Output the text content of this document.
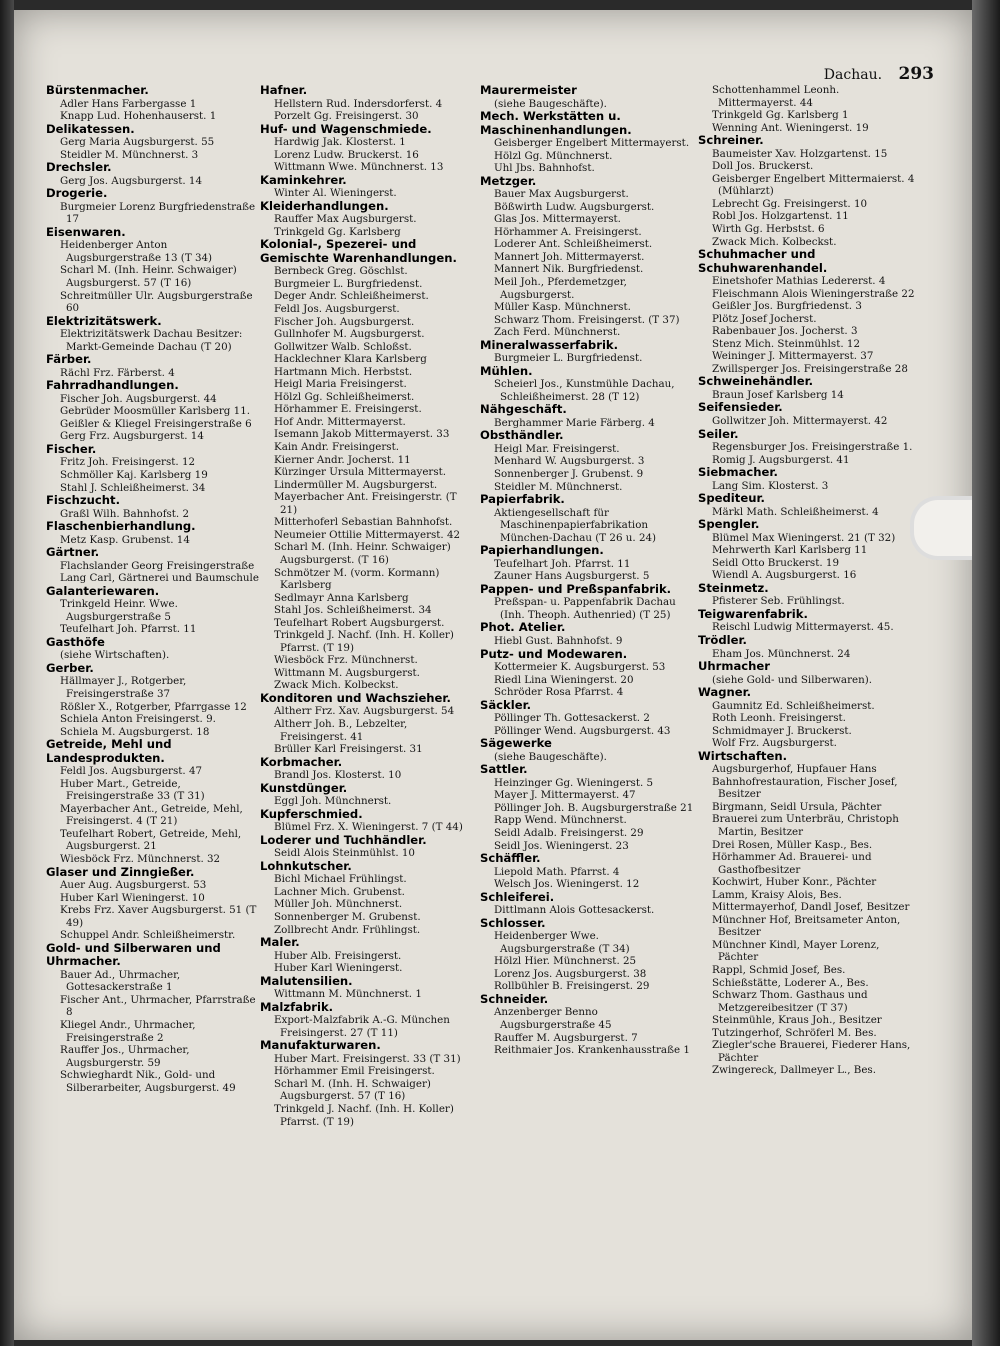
Dachau. 293
Bürstenmacher.
Adler Hans Farbergasse 1
Knapp Lud. Hohenhauserst. 1
Delikatessen.
Gerg Maria Augsburgerst. 55
Steidler M. Münchnerst. 3
Drechsler.
Gerg Jos. Augsburgerst. 14
Drogerie.
Burgmeier Lorenz Burgfriedenstraße 17
Eisenwaren.
Heidenberger Anton Augsburgerstraße 13 (T 34)
Scharl M. (Inh. Heinr. Schwaiger) Augsburgerst. 57 (T 16)
Schreitmüller Ulr. Augsburgerstraße 60
Elektrizitätswerk.
Elektrizitätswerk Dachau Besitzer: Markt-Gemeinde Dachau (T 20)
Färber.
Rächl Frz. Färberst. 4
Fahrradhandlungen.
Fischer Joh. Augsburgerst. 44
Gebrüder Moosmüller Karlsberg 11.
Geißler & Kliegel Freisingerstraße 6
Gerg Frz. Augsburgerst. 14
Fischer.
Fritz Joh. Freisingerst. 12
Schmöller Kaj. Karlsberg 19
Stahl J. Schleißheimerst. 34
Fischzucht.
Graßl Wilh. Bahnhofst. 2
Flaschenbierhandlung.
Metz Kasp. Grubenst. 14
Gärtner.
Flachslander Georg Freisingerstraße
Lang Carl, Gärtnerei und Baumschule
Galanteriewaren.
Trinkgeld Heinr. Wwe. Augsburgerstraße 5
Teufelhart Joh. Pfarrst. 11
Gasthöfe
(siehe Wirtschaften).
Gerber.
Hällmayer J., Rotgerber, Freisingerstraße 37
Rößler X., Rotgerber, Pfarrgasse 12
Schiela Anton Freisingerst. 9.
Schiela M. Augsburgerst. 18
Getreide, Mehl und Landesprodukten.
Feldl Jos. Augsburgerst. 47
Huber Mart., Getreide, Freisingerstraße 33 (T 31)
Mayerbacher Ant., Getreide, Mehl, Freisingerst. 4 (T 21)
Teufelhart Robert, Getreide, Mehl, Augsburgerst. 21
Wiesböck Frz. Münchnerst. 32
Glaser und Zinngießer.
Auer Aug. Augsburgerst. 53
Huber Karl Wieningerst. 10
Krebs Frz. Xaver Augsburgerst. 51 (T 49)
Schuppel Andr. Schleißheimerstr.
Gold- und Silberwaren und Uhrmacher.
Bauer Ad., Uhrmacher, Gottesackerstraße 1
Fischer Ant., Uhrmacher, Pfarrstraße 8
Kliegel Andr., Uhrmacher, Freisingerstraße 2
Rauffer Jos., Uhrmacher, Augsburgerstr. 59
Schwieghardt Nik., Gold- und Silberarbeiter, Augsburgerst. 49
Hafner.
Hellstern Rud. Indersdorferst. 4
Porzelt Gg. Freisingerst. 30
Huf- und Wagenschmiede.
Hardwig Jak. Klosterst. 1
Lorenz Ludw. Bruckerst. 16
Wittmann Wwe. Münchnerst. 13
Kaminkehrer.
Winter Al. Wieningerst.
Kleiderhandlungen.
Rauffer Max Augsburgerst.
Trinkgeld Gg. Karlsberg
Kolonial-, Spezerei- und Gemischte Warenhandlungen.
Bernbeck Greg. Göschlst.
Burgmeier L. Burgfriedenst.
Deger Andr. Schleißheimerst.
Feldl Jos. Augsburgerst.
Fischer Joh. Augsburgerst.
Gullnhofer M. Augsburgerst.
Gollwitzer Walb. Schloßst.
Hacklechner Klara Karlsberg
Hartmann Mich. Herbstst.
Heigl Maria Freisingerst.
Hölzl Gg. Schleißheimerst.
Hörhammer E. Freisingerst.
Hof Andr. Mittermayerst.
Isemann Jakob Mittermayerst. 33
Kain Andr. Freisingerst.
Kierner Andr. Jocherst. 11
Kürzinger Ursula Mittermayerst.
Lindermüller M. Augsburgerst.
Mayerbacher Ant. Freisingerstr. (T 21)
Mitterhoferl Sebastian Bahnhofst.
Neumeier Ottilie Mittermayerst. 42
Scharl M. (Inh. Heinr. Schwaiger) Augsburgerst. (T 16)
Schmötzer M. (vorm. Kormann) Karlsberg
Sedlmayr Anna Karlsberg
Stahl Jos. Schleißheimerst. 34
Teufelhart Robert Augsburgerst.
Trinkgeld J. Nachf. (Inh. H. Koller) Pfarrst. (T 19)
Wiesböck Frz. Münchnerst.
Wittmann M. Augsburgerst.
Zwack Mich. Kolbeckst.
Konditoren und Wachszieher.
Altherr Frz. Xav. Augsburgerst. 54
Altherr Joh. B., Lebzelter, Freisingerst. 41
Brüller Karl Freisingerst. 31
Korbmacher.
Brandl Jos. Klosterst. 10
Kunstdünger.
Eggl Joh. Münchnerst.
Kupferschmied.
Blümel Frz. X. Wieningerst. 7 (T 44)
Loderer und Tuchhändler.
Seidl Alois Steinmühlst. 10
Lohnkutscher.
Bichl Michael Frühlingst.
Lachner Mich. Grubenst.
Müller Joh. Münchnerst.
Sonnenberger M. Grubenst.
Zollbrecht Andr. Frühlingst.
Maler.
Huber Alb. Freisingerst.
Huber Karl Wieningerst.
Malutensilien.
Wittmann M. Münchnerst. 1
Malzfabrik.
Export-Malzfabrik A.-G. München Freisingerst. 27 (T 11)
Manufakturwaren.
Huber Mart. Freisingerst. 33 (T 31)
Hörhammer Emil Freisingerst.
Scharl M. (Inh. H. Schwaiger) Augsburgerst. 57 (T 16)
Trinkgeld J. Nachf. (Inh. H. Koller) Pfarrst. (T 19)
Maurermeister
(siehe Baugeschäfte).
Mech. Werkstätten u. Maschinenhandlungen.
Geisberger Engelbert Mittermayerst.
Hölzl Gg. Münchnerst.
Uhl Jbs. Bahnhofst.
Metzger.
Bauer Max Augsburgerst.
Bößwirth Ludw. Augsburgerst.
Glas Jos. Mittermayerst.
Hörhammer A. Freisingerst.
Loderer Ant. Schleißheimerst.
Mannert Joh. Mittermayerst.
Mannert Nik. Burgfriedenst.
Meil Joh., Pferdemetzger, Augsburgerst.
Müller Kasp. Münchnerst.
Schwarz Thom. Freisingerst. (T 37)
Zach Ferd. Münchnerst.
Mineralwasserfabrik.
Burgmeier L. Burgfriedenst.
Mühlen.
Scheierl Jos., Kunstmühle Dachau, Schleißheimerst. 28 (T 12)
Nähgeschäft.
Berghammer Marie Färberg. 4
Obsthändler.
Heigl Mar. Freisingerst.
Menhard W. Augsburgerst. 3
Sonnenberger J. Grubenst. 9
Steidler M. Münchnerst.
Papierfabrik.
Aktiengesellschaft für Maschinenpapierfabrikation München-Dachau (T 26 u. 24)
Papierhandlungen.
Teufelhart Joh. Pfarrst. 11
Zauner Hans Augsburgerst. 5
Pappen- und Preßspanfabrik.
Preßspan- u. Pappenfabrik Dachau (Inh. Theoph. Authenried) (T 25)
Phot. Atelier.
Hiebl Gust. Bahnhofst. 9
Putz- und Modewaren.
Kottermeier K. Augsburgerst. 53
Riedl Lina Wieningerst. 20
Schröder Rosa Pfarrst. 4
Säckler.
Pöllinger Th. Gottesackerst. 2
Pöllinger Wend. Augsburgerst. 43
Sägewerke
(siehe Baugeschäfte).
Sattler.
Heinzinger Gg. Wieningerst. 5
Mayer J. Mittermayerst. 47
Pöllinger Joh. B. Augsburgerstraße 21
Rapp Wend. Münchnerst.
Seidl Adalb. Freisingerst. 29
Seidl Jos. Wieningerst. 23
Schäffler.
Liepold Math. Pfarrst. 4
Welsch Jos. Wieningerst. 12
Schleiferei.
Dittlmann Alois Gottesackerst.
Schlosser.
Heidenberger Wwe. Augsburgerstraße (T 34)
Hölzl Hier. Münchnerst. 25
Lorenz Jos. Augsburgerst. 38
Rollbühler B. Freisingerst. 29
Schneider.
Anzenberger Benno Augsburgerstraße 45
Rauffer M. Augsburgerst. 7
Reithmaier Jos. Krankenhausstraße 1
Schottenhammel Leonh. Mittermayerst. 44
Trinkgeld Gg. Karlsberg 1
Wenning Ant. Wieningerst. 19
Schreiner.
Baumeister Xav. Holzgartenst. 15
Doll Jos. Bruckerst.
Geisberger Engelbert Mittermaierst. 4 (Mühlarzt)
Lebrecht Gg. Freisingerst. 10
Robl Jos. Holzgartenst. 11
Wirth Gg. Herbstst. 6
Zwack Mich. Kolbeckst.
Schuhmacher und Schuhwarenhandel.
Einetshofer Mathias Ledererst. 4
Fleischmann Alois Wieningerstraße 22
Geißler Jos. Burgfriedenst. 3
Plötz Josef Jocherst.
Rabenbauer Jos. Jocherst. 3
Stenz Mich. Steinmühlst. 12
Weininger J. Mittermayerst. 37
Zwillsperger Jos. Freisingerstraße 28
Schweinehändler.
Braun Josef Karlsberg 14
Seifensieder.
Gollwitzer Joh. Mittermayerst. 42
Seiler.
Regensburger Jos. Freisingerstraße 1.
Romig J. Augsburgerst. 41
Siebmacher.
Lang Sim. Klosterst. 3
Spediteur.
Märkl Math. Schleißheimerst. 4
Spengler.
Blümel Max Wieningerst. 21 (T 32)
Mehrwerth Karl Karlsberg 11
Seidl Otto Bruckerst. 19
Wiendl A. Augsburgerst. 16
Steinmetz.
Pfisterer Seb. Frühlingst.
Teigwarenfabrik.
Reischl Ludwig Mittermayerst. 45.
Trödler.
Eham Jos. Münchnerst. 24
Uhrmacher
(siehe Gold- und Silberwaren).
Wagner.
Gaumnitz Ed. Schleißheimerst.
Roth Leonh. Freisingerst.
Schmidmayer J. Bruckerst.
Wolf Frz. Augsburgerst.
Wirtschaften.
Augsburgerhof, Hupfauer Hans
Bahnhofrestauration, Fischer Josef, Besitzer
Birgmann, Seidl Ursula, Pächter
Brauerei zum Unterbräu, Christoph Martin, Besitzer
Drei Rosen, Müller Kasp., Bes.
Hörhammer Ad. Brauerei- und Gasthofbesitzer
Kochwirt, Huber Konr., Pächter
Lamm, Kraisy Alois, Bes.
Mittermayerhof, Dandl Josef, Besitzer
Münchner Hof, Breitsameter Anton, Besitzer
Münchner Kindl, Mayer Lorenz, Pächter
Rappl, Schmid Josef, Bes.
Schießstätte, Loderer A., Bes.
Schwarz Thom. Gasthaus und Metzgereibesitzer (T 37)
Steinmühle, Kraus Joh., Besitzer
Tutzingerhof, Schröferl M. Bes.
Ziegler'sche Brauerei, Fiederer Hans, Pächter
Zwingereck, Dallmeyer L., Bes.
